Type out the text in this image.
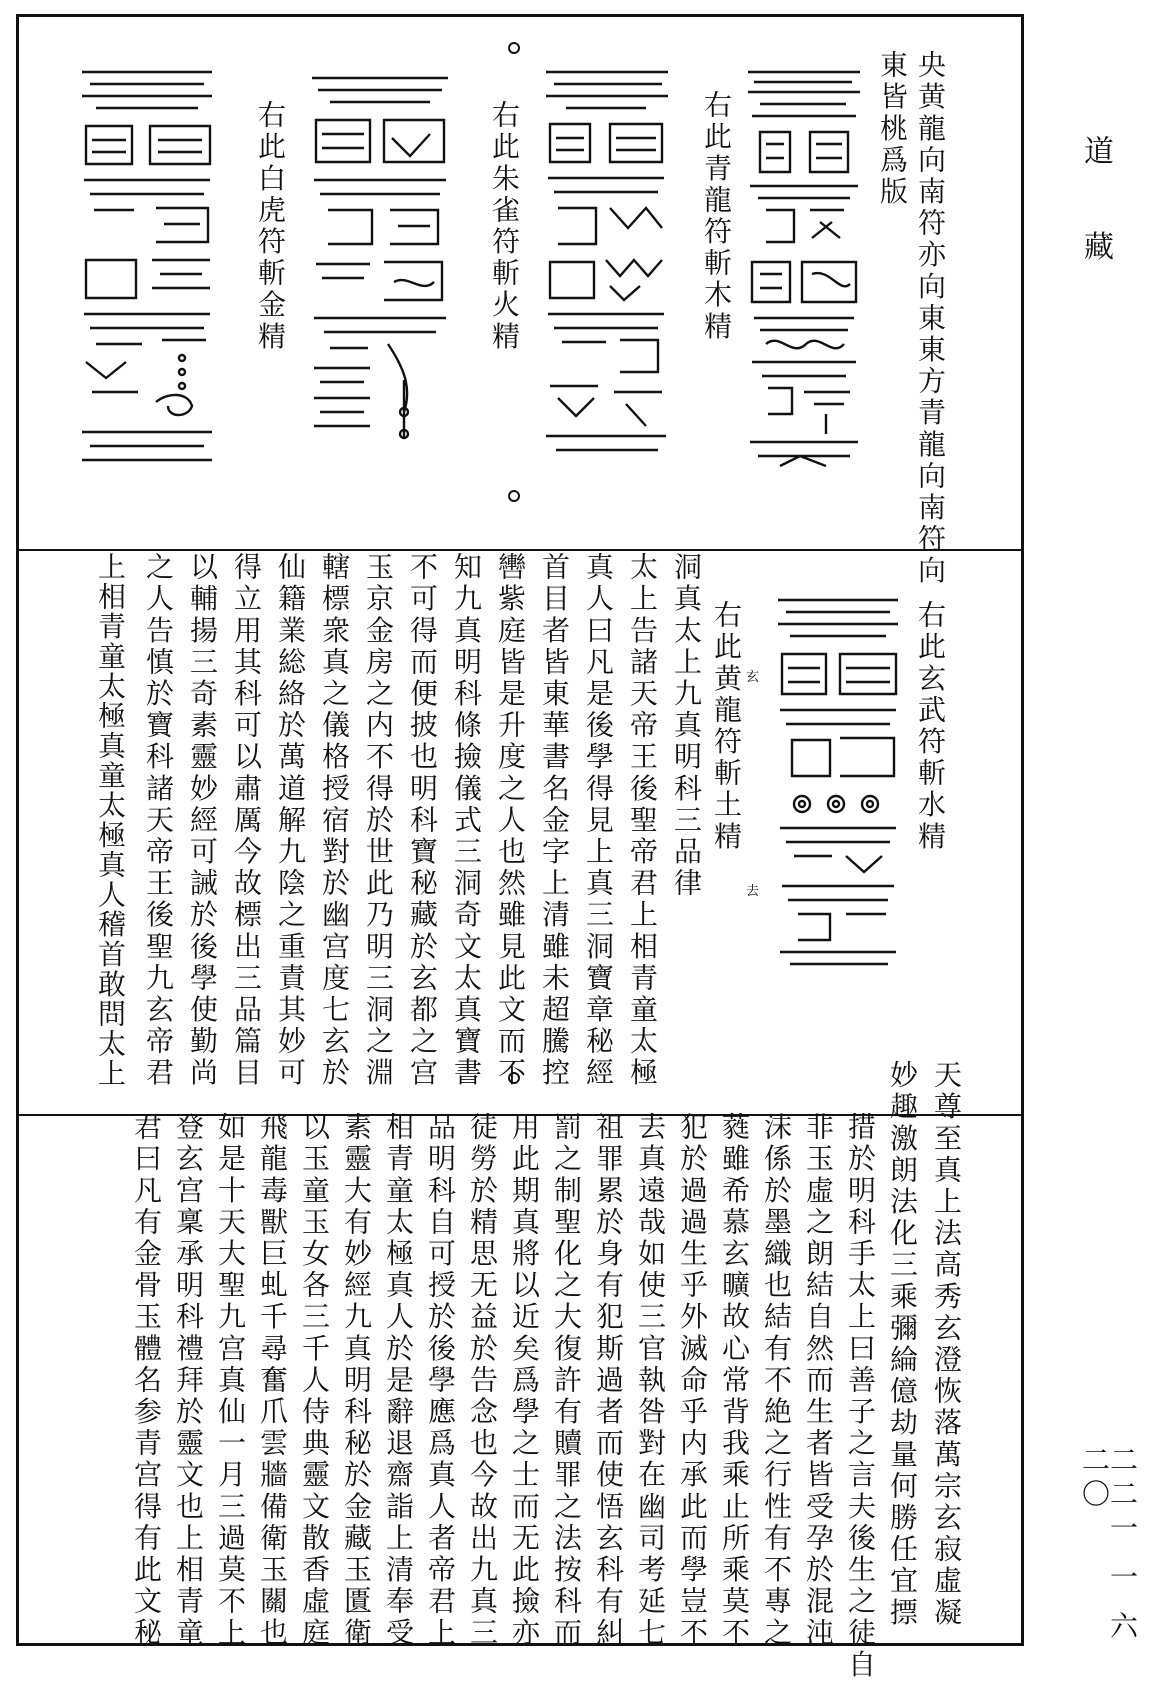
道 藏
二二一 一 六二〇
央黄龍向南符亦向東東方青龍向南符向
東皆桃爲版
右此青龍符斬木精
右此朱雀符斬火精
右此白虎符斬金精
右此玄武符斬水精
玄
去
右此黄龍符斬土精
洞真太上九真明科三品律
太上告諸天帝王後聖帝君上相青童太極
真人曰凡是後學得見上真三洞寶章秘經
首目者皆東華書名金字上清雖未超騰控
轡紫庭皆是升度之人也然雖見此文而不
知九真明科條撿儀式三洞奇文太真寶書
不可得而便披也明科寶秘藏於玄都之宫
玉京金房之内不得於世此乃明三洞之淵
轄標衆真之儀格授宿對於幽宫度七玄於
仙籍業総絡於萬道解九陰之重責其妙可
得立用其科可以肅厲今故標出三品篇目
以輔揚三奇素靈妙經可誡於後學使勤尚
之人告慎於寶科諸天帝王後聖九玄帝君
上相青童太極真童太極真人稽首敢問太上
天尊至真上法高秀玄澄恢落萬宗玄寂虛凝
妙趣激朗法化三乘彌綸億劫量何勝任宜摽
措於明科手太上曰善子之言夫後生之徒自
非玉虛之朗結自然而生者皆受孕於混沌
沫係於墨織也結有不絶之行性有不專之
蕤雖希慕玄曠故心常背我乘止所乘莫不
犯於過過生乎外滅命乎内承此而學豈不
去真遠哉如使三官執咎對在幽司考延七
祖罪累於身有犯斯過者而使悟玄科有糾
罰之制聖化之大復許有贖罪之法按科而
用此期真將以近矣爲學之士而无此撿亦
徒勞於精思无益於告念也今故出九真三
品明科自可授於後學應爲真人者帝君上
相青童太極真人於是辭退齋詣上清奉受
素靈大有妙經九真明科秘於金藏玉匱衛
以玉童玉女各三千人侍典靈文散香虛庭
飛龍毒獸巨虬千尋奮爪雲牆備衛玉關也
如是十天大聖九宫真仙一月三過莫不上
登玄宫稟承明科禮拜於靈文也上相青童
君曰凡有金骨玉體名参青宫得有此文秘
